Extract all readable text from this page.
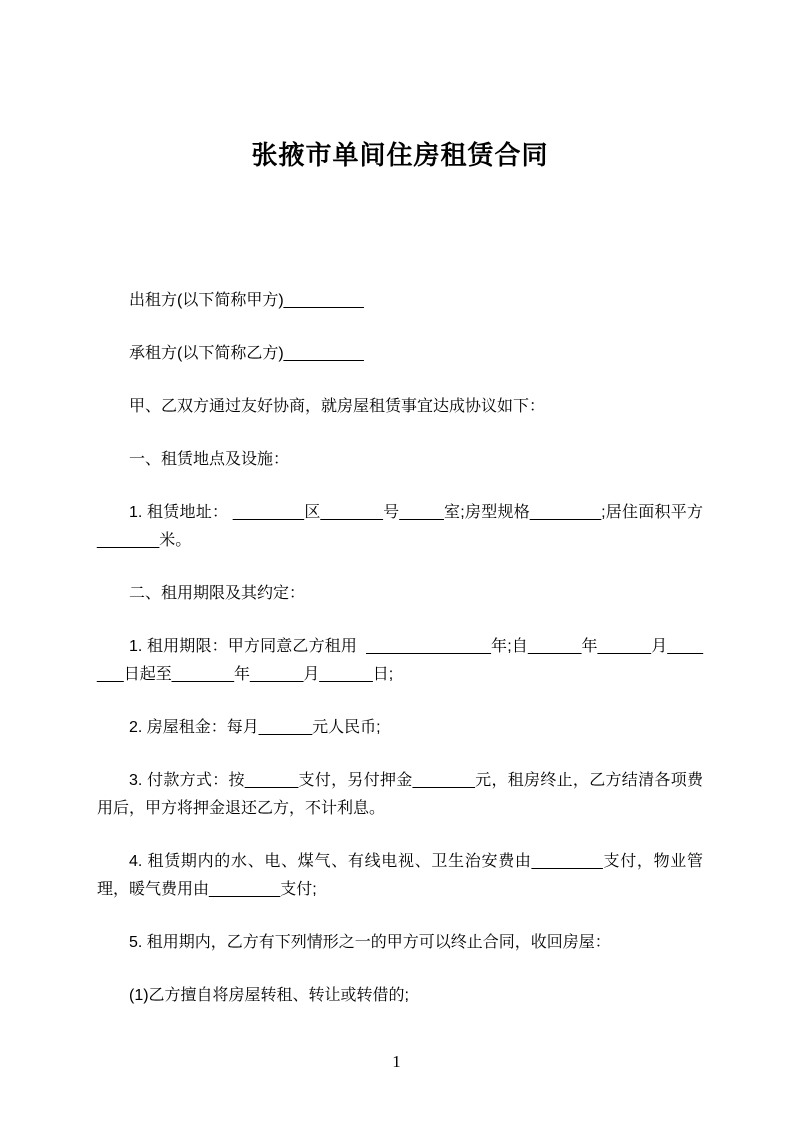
张掖市单间住房租赁合同

出租方(以下简称甲方)_________

承租方(以下简称乙方)_________

甲、乙双方通过友好协商，就房屋租赁事宜达成协议如下：

一、租赁地点及设施：

1. 租赁地址： ________区_______号_____室;房型规格________;居住面积平方_______米。

二、租用期限及其约定：

1. 租用期限：甲方同意乙方租用  ______________年;自______年______月_______日起至_______年______月______日;

2. 房屋租金：每月______元人民币;

3. 付款方式：按______支付，另付押金_______元，租房终止，乙方结清各项费用后，甲方将押金退还乙方，不计利息。

4. 租赁期内的水、电、煤气、有线电视、卫生治安费由________支付，物业管理，暖气费用由________支付;

5. 租用期内，乙方有下列情形之一的甲方可以终止合同，收回房屋：

(1)乙方擅自将房屋转租、转让或转借的;

1
